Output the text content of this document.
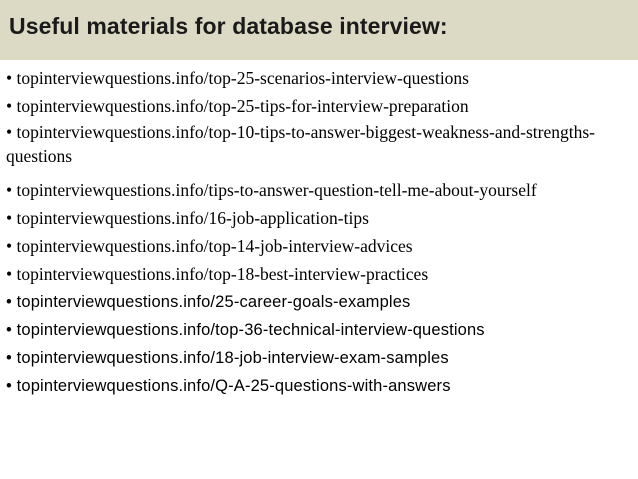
Useful materials for database interview:
• topinterviewquestions.info/top-25-scenarios-interview-questions
• topinterviewquestions.info/top-25-tips-for-interview-preparation
• topinterviewquestions.info/top-10-tips-to-answer-biggest-weakness-and-strengths-questions
• topinterviewquestions.info/tips-to-answer-question-tell-me-about-yourself
• topinterviewquestions.info/16-job-application-tips
• topinterviewquestions.info/top-14-job-interview-advices
• topinterviewquestions.info/top-18-best-interview-practices
• topinterviewquestions.info/25-career-goals-examples
• topinterviewquestions.info/top-36-technical-interview-questions
• topinterviewquestions.info/18-job-interview-exam-samples
• topinterviewquestions.info/Q-A-25-questions-with-answers
